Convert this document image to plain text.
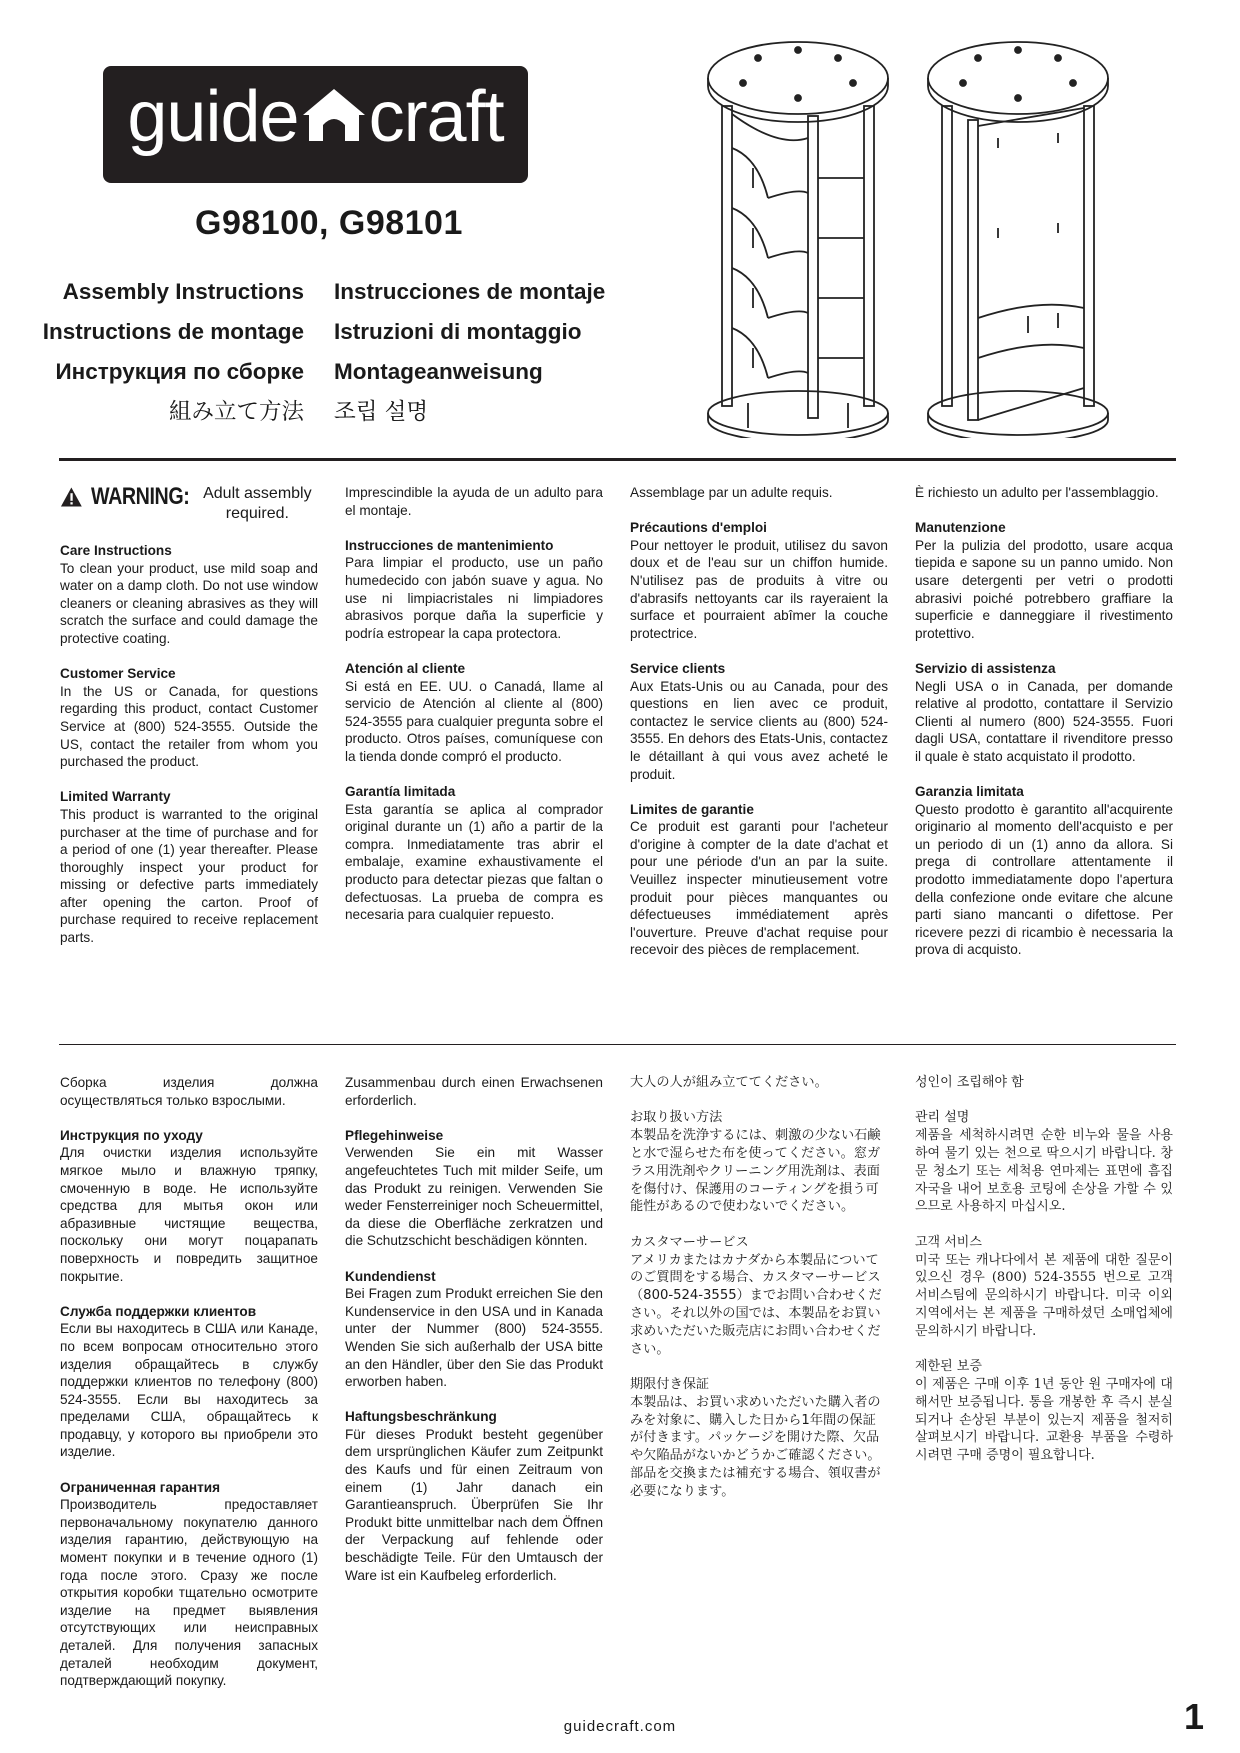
guide craft
G98100, G98101
Assembly Instructions
Instructions de montage
Инструкция по сборке
組み立て方法
Instrucciones de montaje
Istruzioni di montaggio
Montageanweisung
조립 설명
WARNING: Adult assembly required.

Care Instructions
To clean your product, use mild soap and water on a damp cloth. Do not use window cleaners or cleaning abrasives as they will scratch the surface and could damage the protective coating.

Customer Service
In the US or Canada, for questions regarding this product, contact Customer Service at (800) 524-3555. Outside the US, contact the retailer from whom you purchased the product.

Limited Warranty
This product is warranted to the original purchaser at the time of purchase and for a period of one (1) year thereafter. Please thoroughly inspect your product for missing or defective parts immediately after opening the carton. Proof of purchase required to receive replacement parts.

Imprescindible la ayuda de un adulto para el montaje.

Instrucciones de mantenimiento
Para limpiar el producto, use un paño humedecido con jabón suave y agua. No use ni limpiacristales ni limpiadores abrasivos porque daña la superficie y podría estropear la capa protectora.

Atención al cliente
Si está en EE. UU. o Canadá, llame al servicio de Atención al cliente al (800) 524-3555 para cualquier pregunta sobre el producto. Otros países, comuníquese con la tienda donde compró el producto.

Garantía limitada
Esta garantía se aplica al comprador original durante un (1) año a partir de la compra. Inmediatamente tras abrir el embalaje, examine exhaustivamente el producto para detectar piezas que faltan o defectuosas. La prueba de compra es necesaria para cualquier repuesto.

Assemblage par un adulte requis.

Précautions d'emploi
Pour nettoyer le produit, utilisez du savon doux et de l'eau sur un chiffon humide. N'utilisez pas de produits à vitre ou d'abrasifs nettoyants car ils rayeraient la surface et pourraient abîmer la couche protectrice.

Service clients
Aux Etats-Unis ou au Canada, pour des questions en lien avec ce produit, contactez le service clients au (800) 524-3555. En dehors des Etats-Unis, contactez le détaillant à qui vous avez acheté le produit.

Limites de garantie
Ce produit est garanti pour l'acheteur d'origine à compter de la date d'achat et pour une période d'un an par la suite. Veuillez inspecter minutieusement votre produit pour pièces manquantes ou défectueuses immédiatement après l'ouverture. Preuve d'achat requise pour recevoir des pièces de remplacement.

È richiesto un adulto per l'assemblaggio.

Manutenzione
Per la pulizia del prodotto, usare acqua tiepida e sapone su un panno umido. Non usare detergenti per vetri o prodotti abrasivi poiché potrebbero graffiare la superficie e danneggiare il rivestimento protettivo.

Servizio di assistenza
Negli USA o in Canada, per domande relative al prodotto, contattare il Servizio Clienti al numero (800) 524-3555. Fuori dagli USA, contattare il rivenditore presso il quale è stato acquistato il prodotto.

Garanzia limitata
Questo prodotto è garantito all'acquirente originario al momento dell'acquisto e per un periodo di un (1) anno da allora. Si prega di controllare attentamente il prodotto immediatamente dopo l'apertura della confezione onde evitare che alcune parti siano mancanti o difettose. Per ricevere pezzi di ricambio è necessaria la prova di acquisto.

Сборка изделия должна осуществляться только взрослыми.

Инструкция по уходу
Для очистки изделия используйте мягкое мыло и влажную тряпку, смоченную в воде. Не используйте средства для мытья окон или абразивные чистящие вещества, поскольку они могут поцарапать поверхность и повредить защитное покрытие.

Служба поддержки клиентов
Если вы находитесь в США или Канаде, по всем вопросам относительно этого изделия обращайтесь в службу поддержки клиентов по телефону (800) 524-3555. Если вы находитесь за пределами США, обращайтесь к продавцу, у которого вы приобрели это изделие.

Ограниченная гарантия
Производитель предоставляет первоначальному покупателю данного изделия гарантию, действующую на момент покупки и в течение одного (1) года после этого. Сразу же после открытия коробки тщательно осмотрите изделие на предмет выявления отсутствующих или неисправных деталей. Для получения запасных деталей необходим документ, подтверждающий покупку.

Zusammenbau durch einen Erwachsenen erforderlich.

Pflegehinweise
Verwenden Sie ein mit Wasser angefeuchtetes Tuch mit milder Seife, um das Produkt zu reinigen. Verwenden Sie weder Fensterreiniger noch Scheuermittel, da diese die Oberfläche zerkratzen und die Schutzschicht beschädigen könnten.

Kundendienst
Bei Fragen zum Produkt erreichen Sie den Kundenservice in den USA und in Kanada unter der Nummer (800) 524-3555. Wenden Sie sich außerhalb der USA bitte an den Händler, über den Sie das Produkt erworben haben.

Haftungsbeschränkung
Für dieses Produkt besteht gegenüber dem ursprünglichen Käufer zum Zeitpunkt des Kaufs und für einen Zeitraum von einem (1) Jahr danach ein Garantieanspruch. Überprüfen Sie Ihr Produkt bitte unmittelbar nach dem Öffnen der Verpackung auf fehlende oder beschädigte Teile. Für den Umtausch der Ware ist ein Kaufbeleg erforderlich.

大人の人が組み立ててください。

お取り扱い方法
本製品を洗浄するには、刺激の少ない石鹸と水で湿らせた布を使ってください。窓ガラス用洗剤やクリーニング用洗剤は、表面を傷付け、保護用のコーティングを損う可能性があるので使わないでください。

カスタマーサービス
アメリカまたはカナダから本製品についてのご質問をする場合、カスタマーサービス（800-524-3555）までお問い合わせください。それ以外の国では、本製品をお買い求めいただいた販売店にお問い合わせください。

期限付き保証
本製品は、お買い求めいただいた購入者のみを対象に、購入した日から1年間の保証が付きます。パッケージを開けた際、欠品や欠陥品がないかどうかご確認ください。部品を交換または補充する場合、領収書が必要になります。

성인이 조립해야 함

관리 설명
제품을 세척하시려면 순한 비누와 물을 사용하여 물기 있는 천으로 딱으시기 바랍니다. 창문 청소기 또는 세척용 연마제는 표면에 흠집 자국을 내어 보호용 코팅에 손상을 가할 수 있으므로 사용하지 마십시오.

고객 서비스
미국 또는 캐나다에서 본 제품에 대한 질문이 있으신 경우 (800) 524-3555 번으로 고객 서비스팀에 문의하시기 바랍니다. 미국 이외 지역에서는 본 제품을 구매하셨던 소매업체에 문의하시기 바랍니다.

제한된 보증
이 제품은 구매 이후 1년 동안 원 구매자에 대해서만 보증됩니다. 통을 개봉한 후 즉시 분실되거나 손상된 부분이 있는지 제품을 철저히 살펴보시기 바랍니다. 교환용 부품을 수령하시려면 구매 증명이 필요합니다.

guidecraft.com	1
